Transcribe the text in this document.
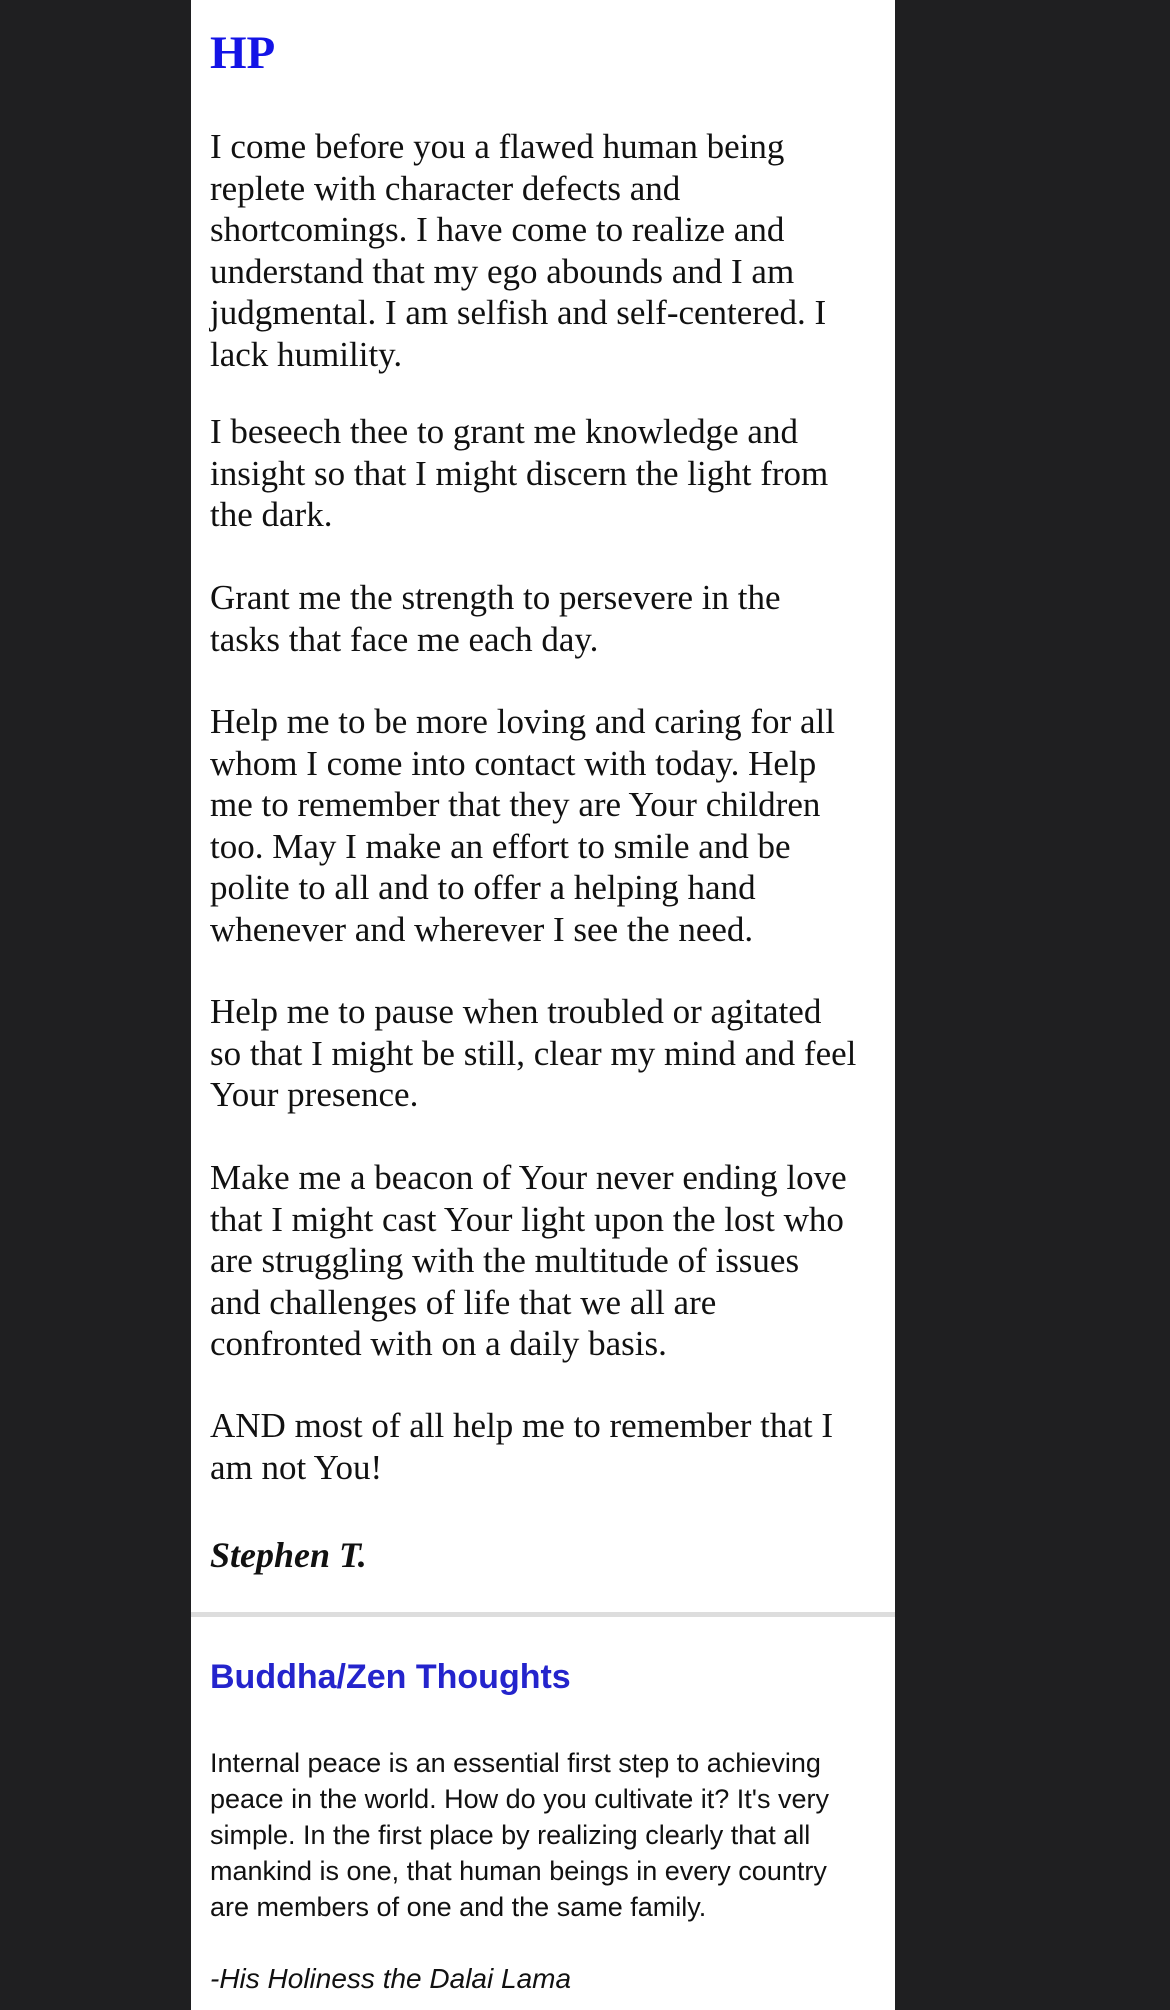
HP

I come before you a flawed human being
replete with character defects and
shortcomings. I have come to realize and
understand that my ego abounds and I am
judgmental. I am selfish and self-centered. I
lack humility.

I beseech thee to grant me knowledge and
insight so that I might discern the light from
the dark.

Grant me the strength to persevere in the
tasks that face me each day.

Help me to be more loving and caring for all
whom I come into contact with today. Help
me to remember that they are Your children
too. May I make an effort to smile and be
polite to all and to offer a helping hand
whenever and wherever I see the need.

Help me to pause when troubled or agitated
so that I might be still, clear my mind and feel
Your presence.

Make me a beacon of Your never ending love
that I might cast Your light upon the lost who
are struggling with the multitude of issues
and challenges of life that we all are
confronted with on a daily basis.

AND most of all help me to remember that I
am not You!

Stephen T.

Buddha/Zen Thoughts

Internal peace is an essential first step to achieving
peace in the world. How do you cultivate it? It's very
simple. In the first place by realizing clearly that all
mankind is one, that human beings in every country
are members of one and the same family.

-His Holiness the Dalai Lama
